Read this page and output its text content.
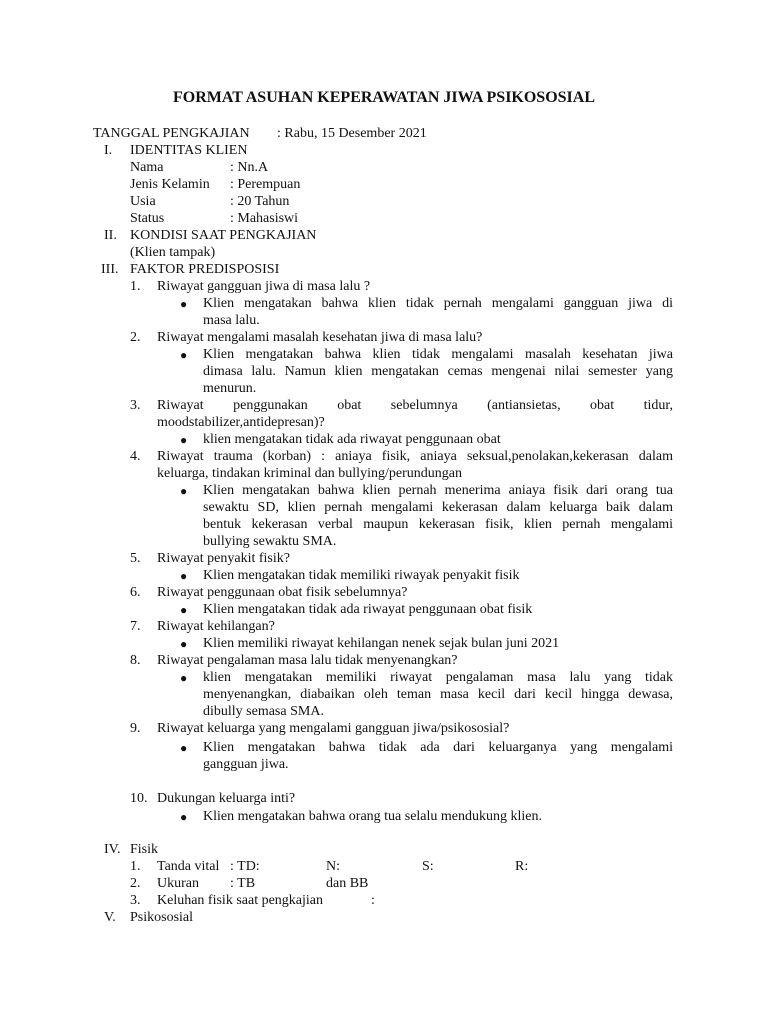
FORMAT ASUHAN KEPERAWATAN JIWA PSIKOSOSIAL
TANGGAL PENGKAJIAN : Rabu, 15 Desember 2021
I. IDENTITAS KLIEN
Nama	: Nn.A
Jenis Kelamin : Perempuan
Usia	: 20 Tahun
Status	: Mahasiswi
II. KONDISI SAAT PENGKAJIAN
(Klien tampak)
III. FAKTOR PREDISPOSISI
1. Riwayat gangguan jiwa di masa lalu ?
● Klien mengatakan bahwa klien tidak pernah mengalami gangguan jiwa di
masa lalu.
2. Riwayat mengalami masalah kesehatan jiwa di masa lalu?
● Klien mengatakan bahwa klien tidak mengalami masalah kesehatan jiwa
dimasa lalu. Namun klien mengatakan cemas mengenai nilai semester yang
menurun.
3. Riwayat penggunakan obat sebelumnya (antiansietas, obat tidur,
moodstabilizer,antidepresan)?
● klien mengatakan tidak ada riwayat penggunaan obat
4. Riwayat trauma (korban) : aniaya fisik, aniaya seksual,penolakan,kekerasan dalam
keluarga, tindakan kriminal dan bullying/perundungan
● Klien mengatakan bahwa klien pernah menerima aniaya fisik dari orang tua
sewaktu SD, klien pernah mengalami kekerasan dalam keluarga baik dalam
bentuk kekerasan verbal maupun kekerasan fisik, klien pernah mengalami
bullying sewaktu SMA.
5. Riwayat penyakit fisik?
● Klien mengatakan tidak memiliki riwayak penyakit fisik
6. Riwayat penggunaan obat fisik sebelumnya?
● Klien mengatakan tidak ada riwayat penggunaan obat fisik
7. Riwayat kehilangan?
● Klien memiliki riwayat kehilangan nenek sejak bulan juni 2021
8. Riwayat pengalaman masa lalu tidak menyenangkan?
● klien mengatakan memiliki riwayat pengalaman masa lalu yang tidak
menyenangkan, diabaikan oleh teman masa kecil dari kecil hingga dewasa,
dibully semasa SMA.
9. Riwayat keluarga yang mengalami gangguan jiwa/psikososial?
● Klien mengatakan bahwa tidak ada dari keluarganya yang mengalami
gangguan jiwa.
10. Dukungan keluarga inti?
● Klien mengatakan bahwa orang tua selalu mendukung klien.
IV. Fisik
1. Tanda vital : TD:	N:	S:	R:
2. Ukuran : TB	dan BB
3. Keluhan fisik saat pengkajian	:
V. Psikososial
